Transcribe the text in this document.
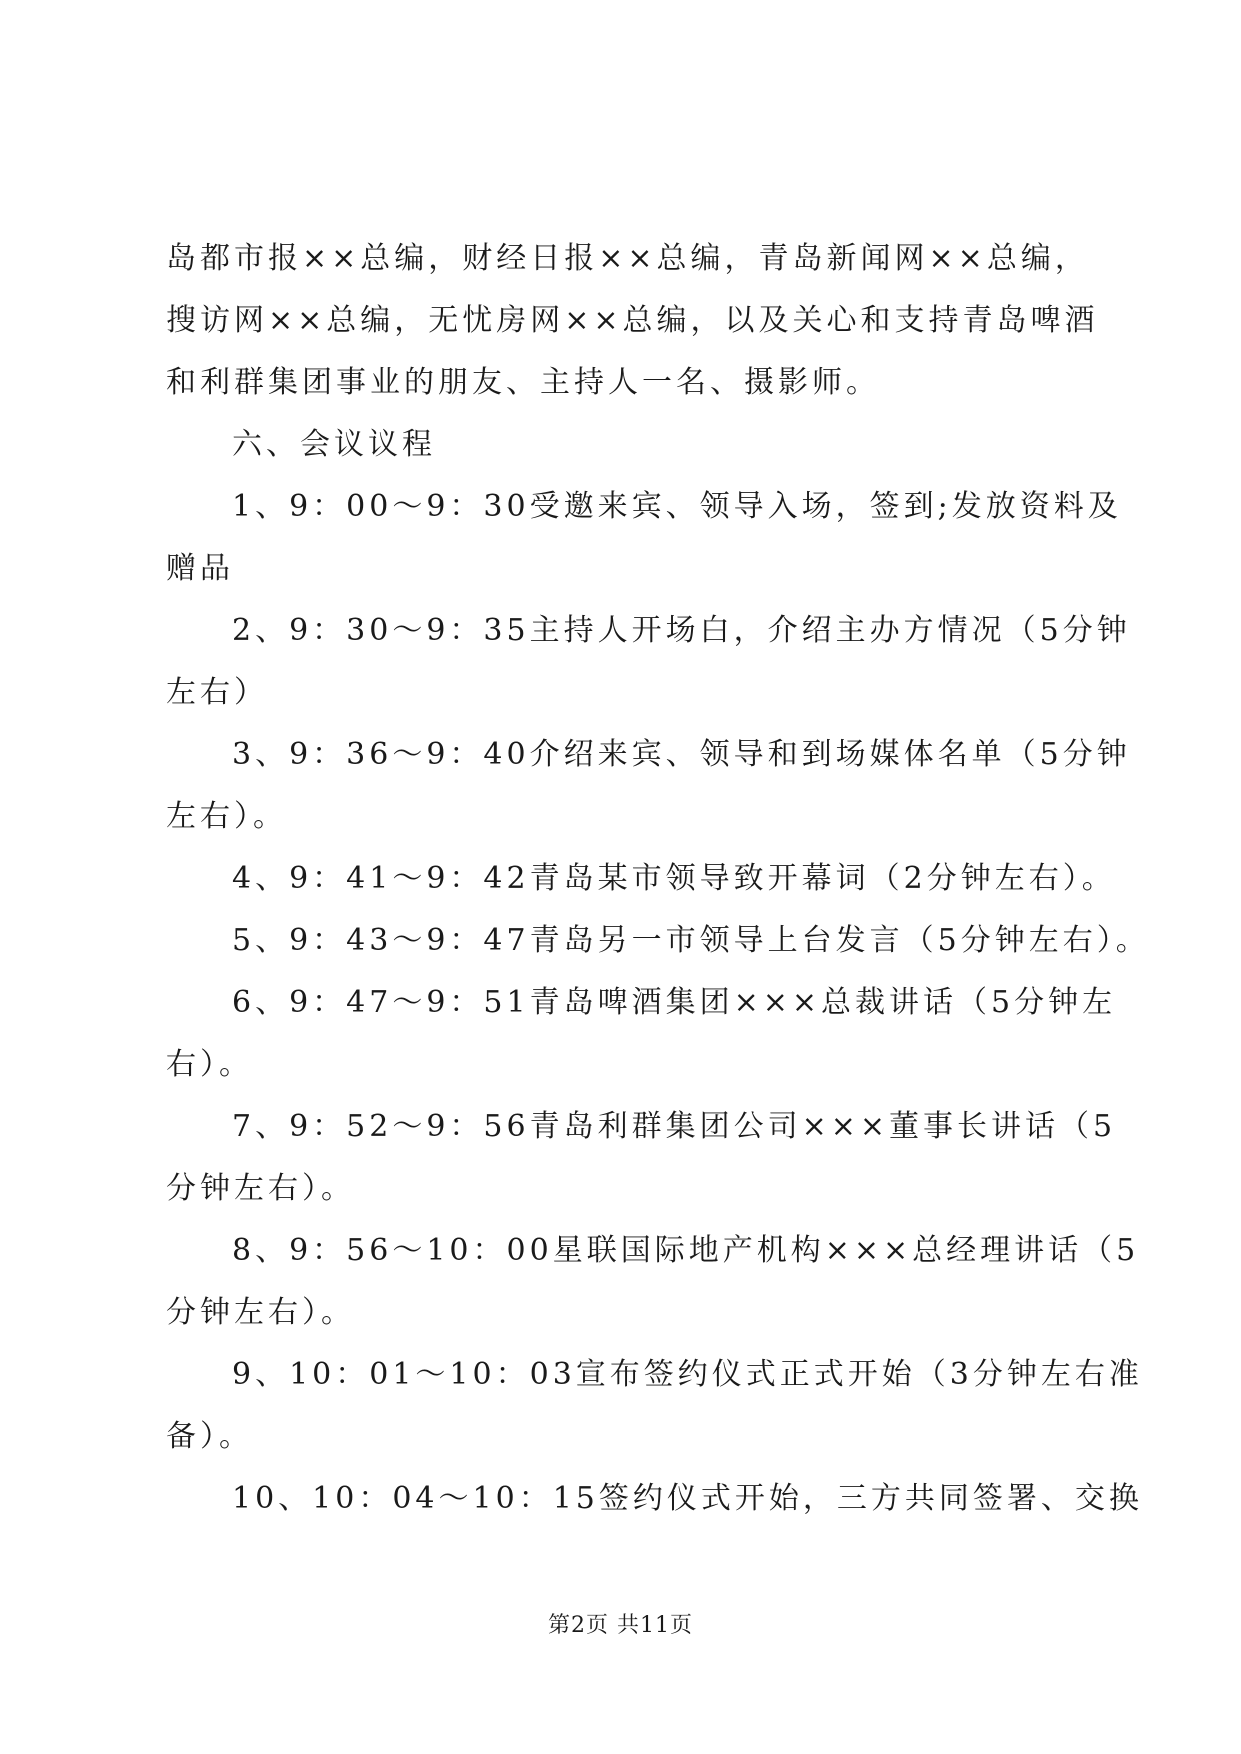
岛都市报××总编，财经日报××总编，青岛新闻网××总编，
搜访网××总编，无忧房网××总编，以及关心和支持青岛啤酒
和利群集团事业的朋友、主持人一名、摄影师。
六、会议议程
1、9：00～9：30受邀来宾、领导入场，签到;发放资料及
赠品
2、9：30～9：35主持人开场白，介绍主办方情况（5分钟
左右）
3、9：36～9：40介绍来宾、领导和到场媒体名单（5分钟
左右）。
4、9：41～9：42青岛某市领导致开幕词（2分钟左右）。
5、9：43～9：47青岛另一市领导上台发言（5分钟左右）。
6、9：47～9：51青岛啤酒集团×××总裁讲话（5分钟左
右）。
7、9：52～9：56青岛利群集团公司×××董事长讲话（5
分钟左右）。
8、9：56～10：00星联国际地产机构×××总经理讲话（5
分钟左右）。
9、10：01～10：03宣布签约仪式正式开始（3分钟左右准
备）。
10、10：04～10：15签约仪式开始，三方共同签署、交换
第2页 共11页
